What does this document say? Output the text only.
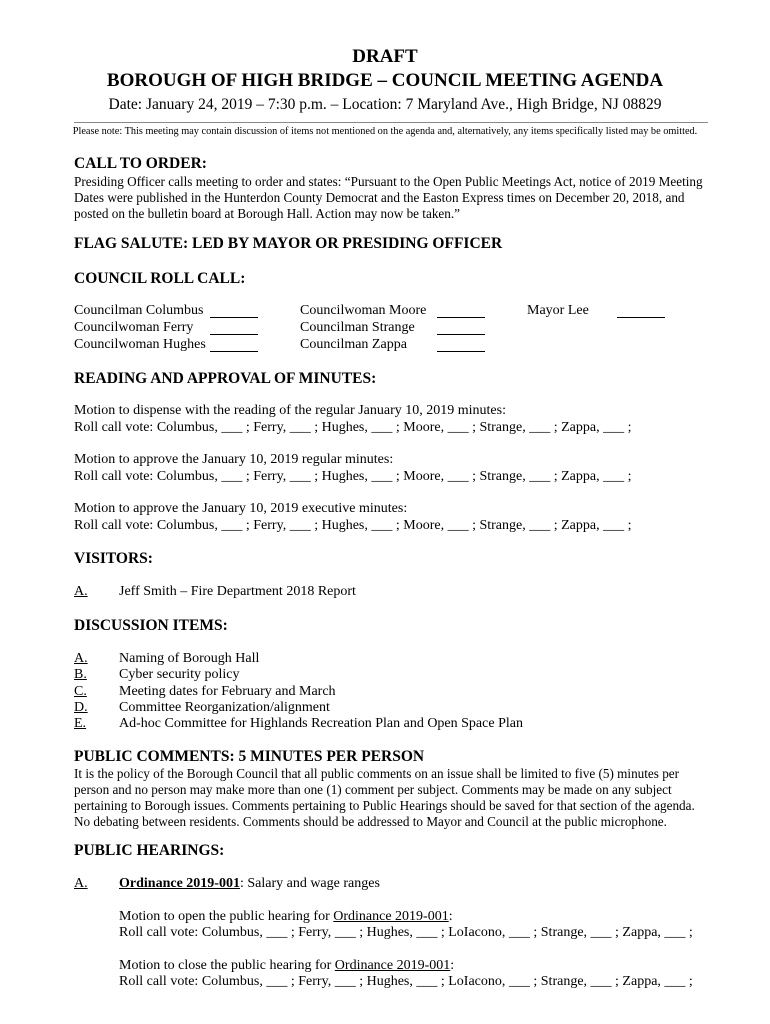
DRAFT
BOROUGH OF HIGH BRIDGE – COUNCIL MEETING AGENDA
Date: January 24, 2019 – 7:30 p.m. – Location: 7 Maryland Ave., High Bridge, NJ 08829
Please note: This meeting may contain discussion of items not mentioned on the agenda and, alternatively, any items specifically listed may be omitted.
CALL TO ORDER:
Presiding Officer calls meeting to order and states: “Pursuant to the Open Public Meetings Act, notice of 2019 Meeting Dates were published in the Hunterdon County Democrat and the Easton Express times on December 20, 2018, and posted on the bulletin board at Borough Hall. Action may now be taken.”
FLAG SALUTE: LED BY MAYOR OR PRESIDING OFFICER
COUNCIL ROLL CALL:
Councilman Columbus
Councilwoman Ferry
Councilwoman Hughes
Councilwoman Moore
Councilman Strange
Councilman Zappa
Mayor Lee
READING AND APPROVAL OF MINUTES:
Motion to dispense with the reading of the regular January 10, 2019 minutes:
Roll call vote: Columbus, ___ ; Ferry, ___ ; Hughes, ___ ; Moore, ___ ; Strange, ___ ; Zappa, ___ ;
Motion to approve the January 10, 2019 regular minutes:
Roll call vote: Columbus, ___ ; Ferry, ___ ; Hughes, ___ ; Moore, ___ ; Strange, ___ ; Zappa, ___ ;
Motion to approve the January 10, 2019 executive minutes:
Roll call vote: Columbus, ___ ; Ferry, ___ ; Hughes, ___ ; Moore, ___ ; Strange, ___ ; Zappa, ___ ;
VISITORS:
A. Jeff Smith – Fire Department 2018 Report
DISCUSSION ITEMS:
A. Naming of Borough Hall
B. Cyber security policy
C. Meeting dates for February and March
D. Committee Reorganization/alignment
E. Ad-hoc Committee for Highlands Recreation Plan and Open Space Plan
PUBLIC COMMENTS: 5 MINUTES PER PERSON
It is the policy of the Borough Council that all public comments on an issue shall be limited to five (5) minutes per person and no person may make more than one (1) comment per subject. Comments may be made on any subject pertaining to Borough issues. Comments pertaining to Public Hearings should be saved for that section of the agenda. No debating between residents. Comments should be addressed to Mayor and Council at the public microphone.
PUBLIC HEARINGS:
A. Ordinance 2019-001: Salary and wage ranges
Motion to open the public hearing for Ordinance 2019-001:
Roll call vote: Columbus, ___ ; Ferry, ___ ; Hughes, ___ ; LoIacono, ___ ; Strange, ___ ; Zappa, ___ ;
Motion to close the public hearing for Ordinance 2019-001:
Roll call vote: Columbus, ___ ; Ferry, ___ ; Hughes, ___ ; LoIacono, ___ ; Strange, ___ ; Zappa, ___ ;
